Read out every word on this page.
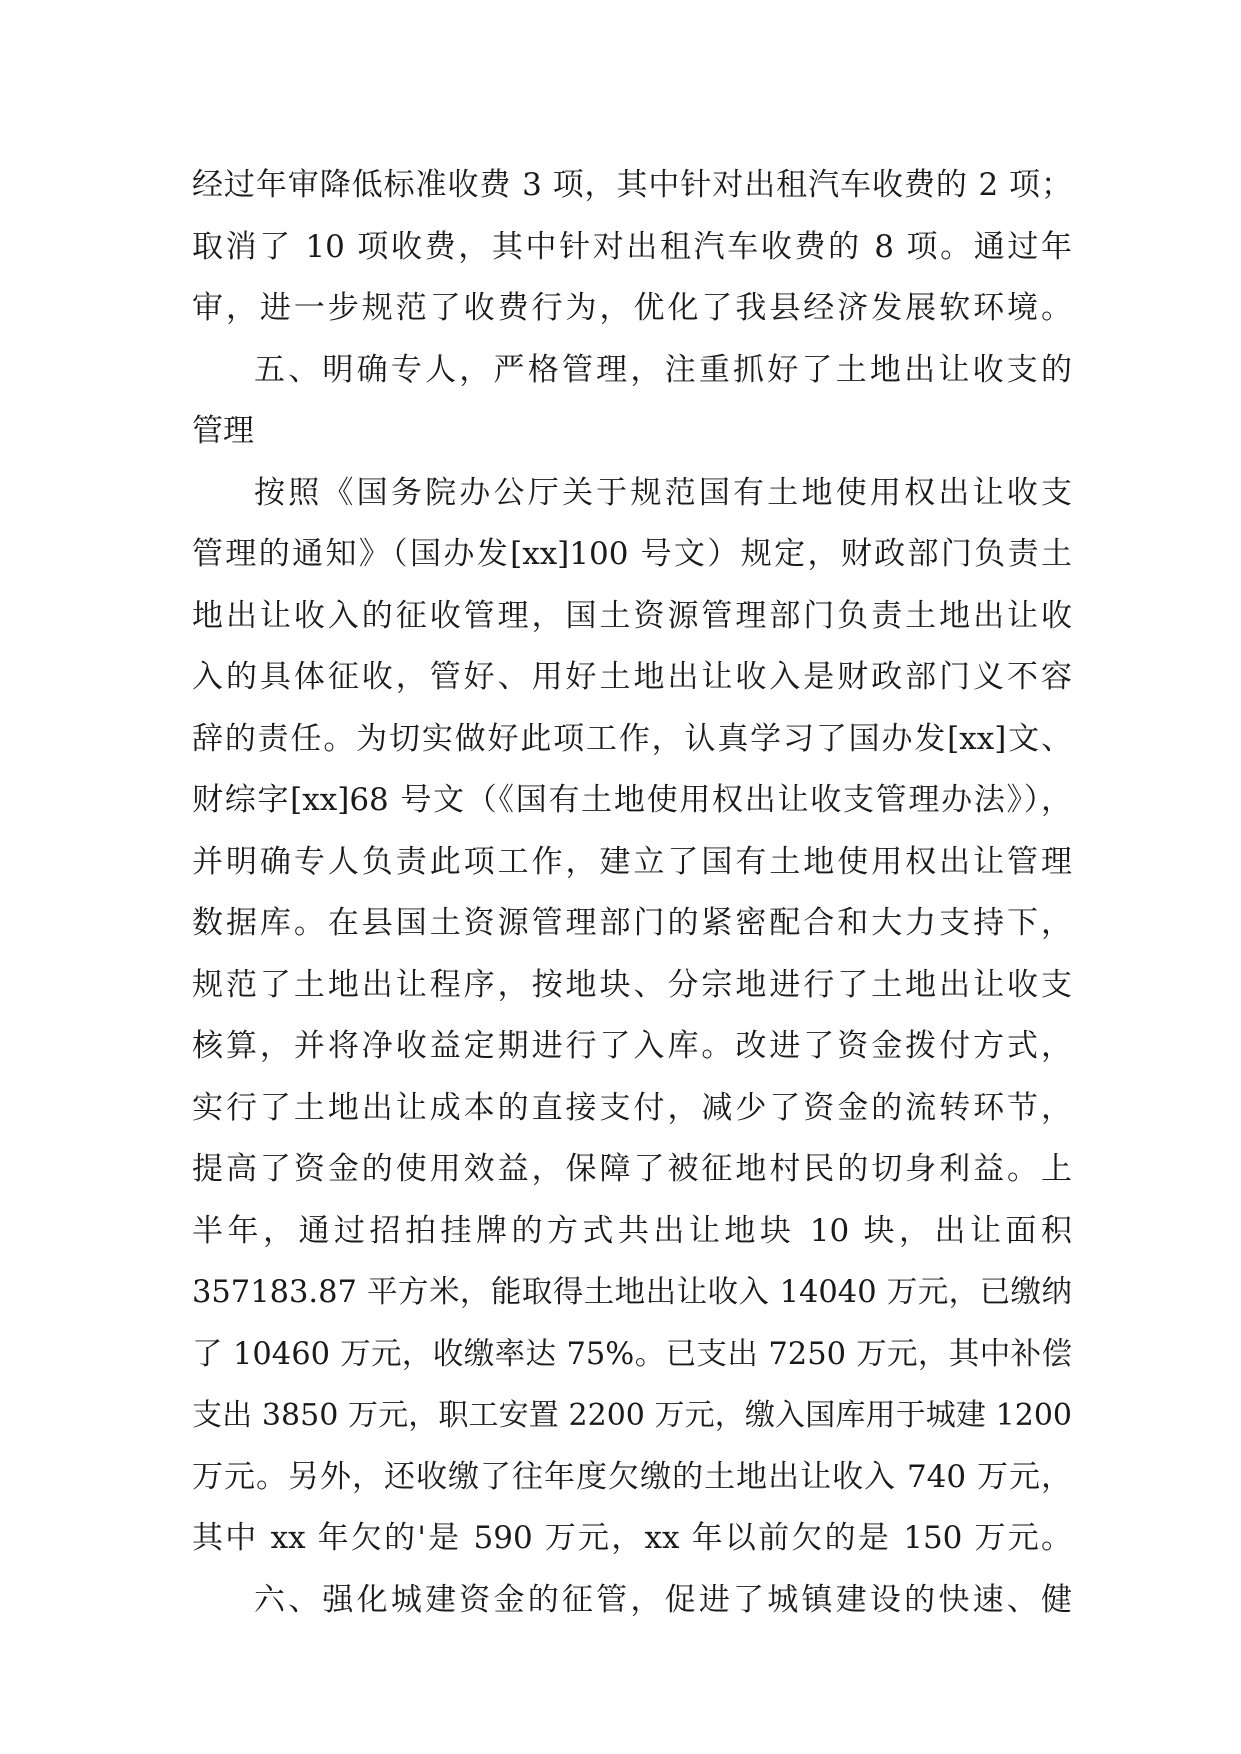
经过年审降低标准收费 3 项，其中针对出租汽车收费的 2 项；
取消了 10 项收费，其中针对出租汽车收费的 8 项。通过年
审，进一步规范了收费行为，优化了我县经济发展软环境。
五、明确专人，严格管理，注重抓好了土地出让收支的
管理
按照《国务院办公厅关于规范国有土地使用权出让收支
管理的通知》（国办发[xx]100 号文）规定，财政部门负责土
地出让收入的征收管理，国土资源管理部门负责土地出让收
入的具体征收，管好、用好土地出让收入是财政部门义不容
辞的责任。为切实做好此项工作，认真学习了国办发[xx]文、
财综字[xx]68 号文（《国有土地使用权出让收支管理办法》），
并明确专人负责此项工作，建立了国有土地使用权出让管理
数据库。在县国土资源管理部门的紧密配合和大力支持下，
规范了土地出让程序，按地块、分宗地进行了土地出让收支
核算，并将净收益定期进行了入库。改进了资金拨付方式，
实行了土地出让成本的直接支付，减少了资金的流转环节，
提高了资金的使用效益，保障了被征地村民的切身利益。上
半年，通过招拍挂牌的方式共出让地块 10 块，出让面积
357183.87 平方米，能取得土地出让收入 14040 万元，已缴纳
了 10460 万元，收缴率达 75%。已支出 7250 万元，其中补偿
支出 3850 万元，职工安置 2200 万元，缴入国库用于城建 1200
万元。另外，还收缴了往年度欠缴的土地出让收入 740 万元，
其中 xx 年欠的'是 590 万元，xx 年以前欠的是 150 万元。
六、强化城建资金的征管，促进了城镇建设的快速、健
